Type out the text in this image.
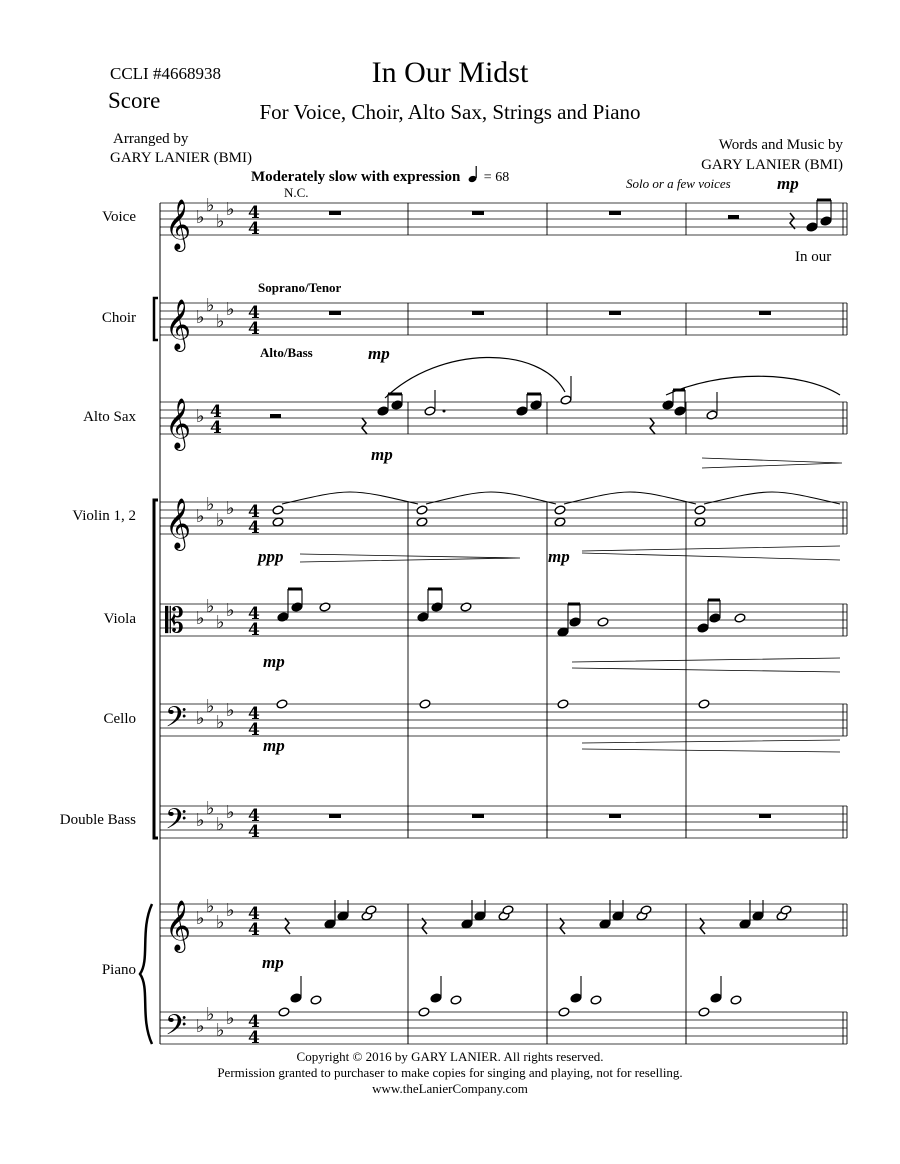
CCLI #4668938
Score
In Our Midst
For Voice, Choir, Alto Sax, Strings and Piano
Arranged by
GARY LANIER (BMI)
Words and Music by
GARY LANIER (BMI)
Moderately slow with expression = 68
N.C.
Solo or a few voices
Voice
Choir
Alto Sax
Violin 1, 2
Viola
Cello
Double Bass
Piano
Soprano/Tenor
Alto/Bass
In our
mp
mp
mp
ppp	mp
mp
mp
mp
𝄞 ♭
♭
♭
♭ 4
4
𝄞 ♭
♭
♭
♭ 4
4
𝄞 ♭ 4
4
𝄞 ♭
♭
♭
♭ 4
4
𝄡 ♭
♭
♭
♭ 4
4
𝄢 ♭
♭
♭
♭ 4
4
𝄢 ♭
♭
♭
♭ 4
4
𝄞 ♭
♭
♭
♭ 4
4
𝄢 ♭
♭
♭
♭ 4
4
Copyright © 2016 by GARY LANIER. All rights reserved.
Permission granted to purchaser to make copies for singing and playing, not for reselling.
www.theLanierCompany.com
